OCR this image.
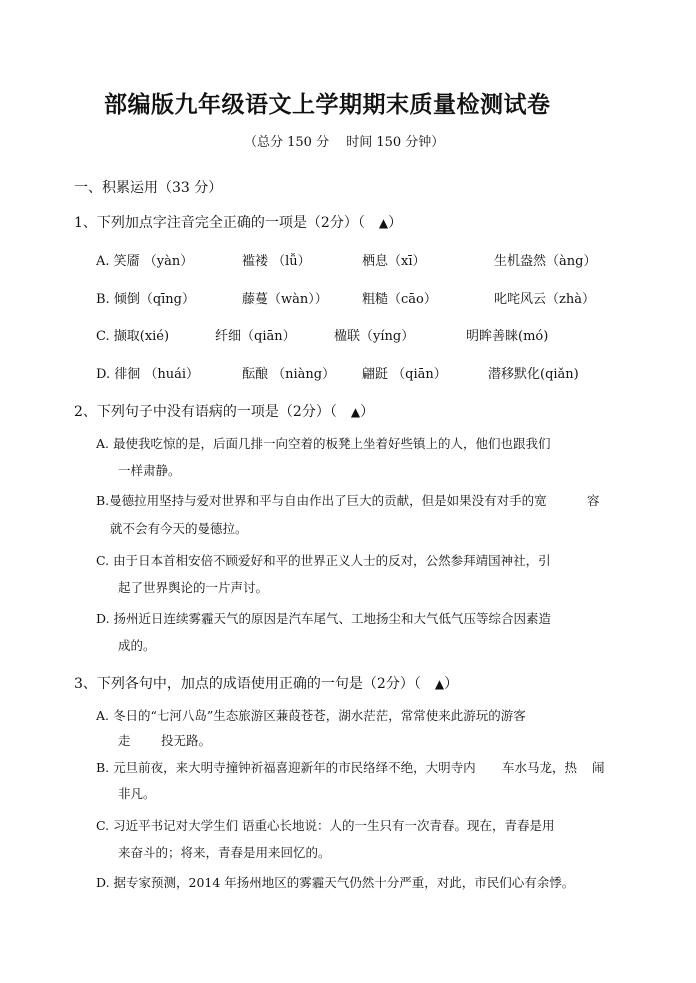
部编版九年级语文上学期期末质量检测试卷
（总分 150 分　 时间 150 分钟）
一、积累运用（33 分）
1、下列加点字注音完全正确的一项是（2分）（　▲）
A. 笑靥 （yàn）	褴褛 （lǚ）	栖息（xī）	生机盎然（àng）
B. 倾倒（qīng）	藤蔓（wàn））	粗糙（cāo）	叱咤风云（zhà）
C. 撷取(xié)	纤细（qiān）	楹联（yíng）	明眸善睐(mó)
D. 徘徊 （huái）	酝酿 （niàng） 翩跹 （qiān）	潜移默化(qiǎn)
2、下列句子中没有语病的一项是（2分）（　▲）
A. 最使我吃惊的是，后面几排一向空着的板凳上坐着好些镇上的人，他们也跟我们
一样肃静。
B.曼德拉用坚持与爱对世界和平与自由作出了巨大的贡献，但是如果没有对手的宽	容
就不会有今天的曼德拉。
C. 由于日本首相安倍不顾爱好和平的世界正义人士的反对，公然参拜靖国神社，引
起了世界舆论的一片声讨。
D. 扬州近日连续雾霾天气的原因是汽车尾气、工地扬尘和大气低气压等综合因素造
成的。
3、下列各句中，加点的成语使用正确的一句是（2分）（　▲）
A. 冬日的“七河八岛”生态旅游区蒹葭苍苍，湖水茫茫，常常使来此游玩的游客
走 投无路。
B. 元旦前夜，来大明寺撞钟祈福喜迎新年的市民络绎不绝，大明寺内 车水马龙，热 闹
非凡。
C. 习近平书记对大学生们 语重心长地说：人的一生只有一次青春。现在，青春是用
来奋斗的；将来，青春是用来回忆的。
D. 据专家预测，2014 年扬州地区的雾霾天气仍然十分严重，对此，市民们心有余悸。
